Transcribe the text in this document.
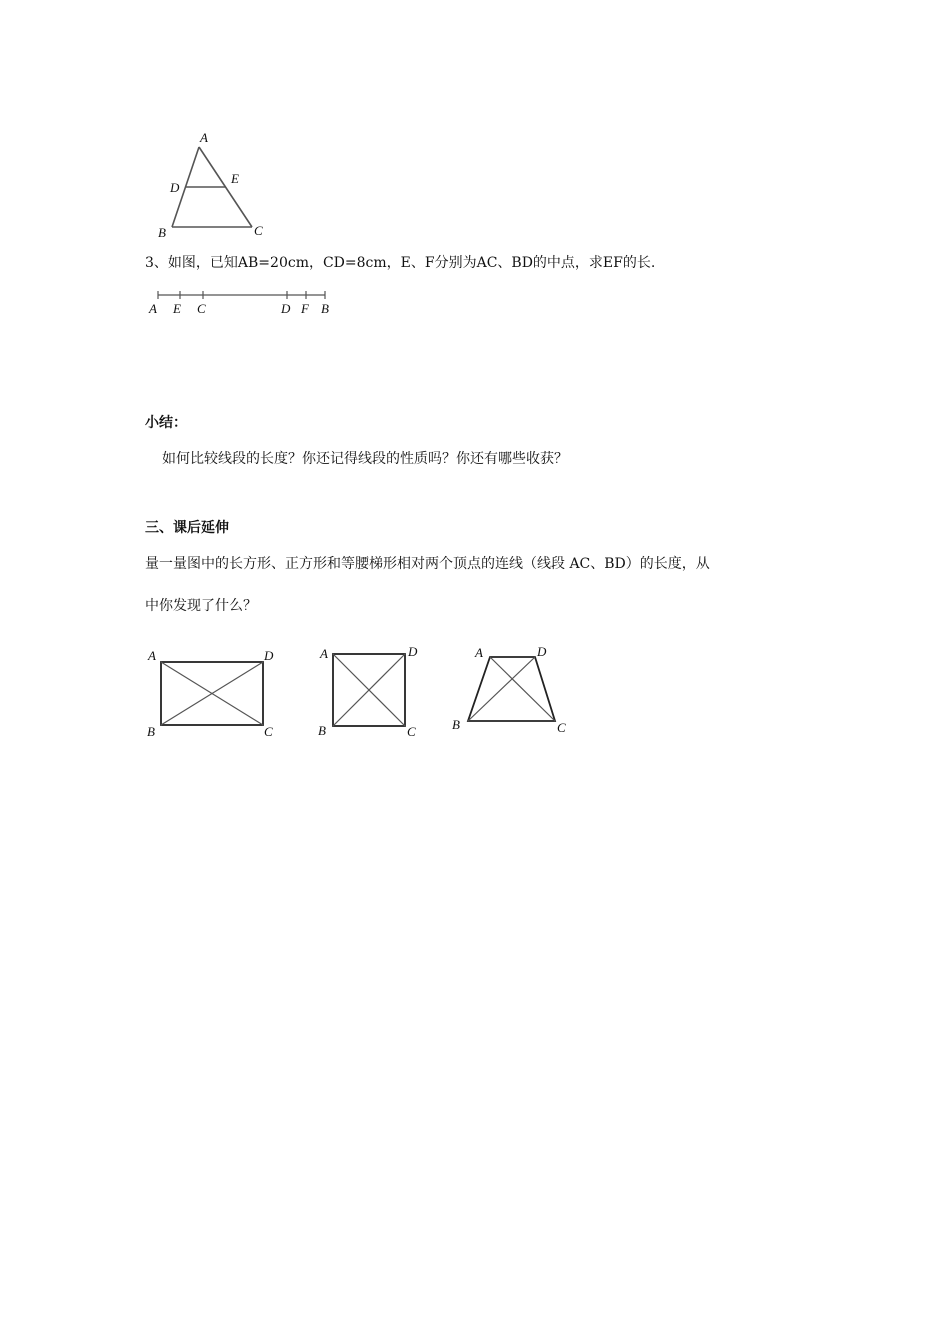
A
D
E
B	C
3、如图，已知AB=20cm，CD=8cm，E、F分别为AC、BD的中点，求EF的长.
A E C	D F B
小结：
如何比较线段的长度？你还记得线段的性质吗？你还有哪些收获？
三、课后延伸
量一量图中的长方形、正方形和等腰梯形相对两个顶点的连线（线段 AC、BD）的长度，从
中你发现了什么？
A	D
B	C
A	D
B	C
A	D
B	C
